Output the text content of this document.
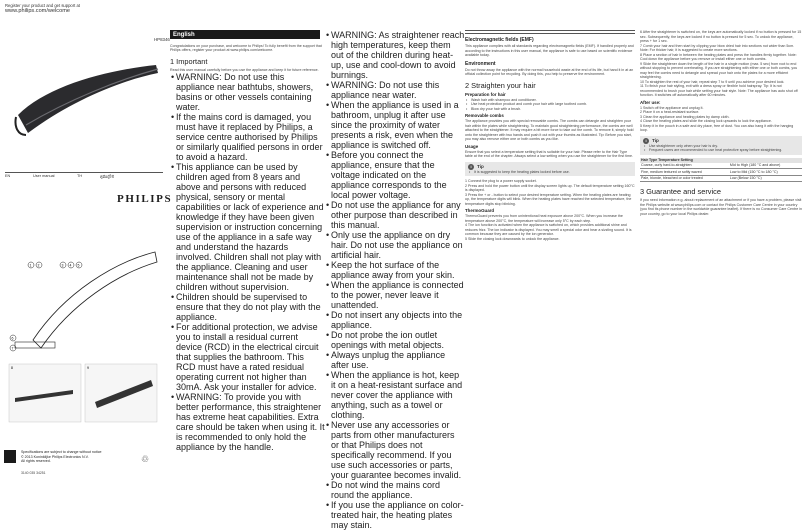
Register your product and get support at
www.philips.com/welcome
HP8346
EN	User manual	TH	คู่มือผู้ใช้
PHILIPS
1 2	3 4 5
6
7
8	9
Specifications are subject to change without notice
© 2013 Koninklijke Philips Electronics N.V.
All rights reserved.
3140 035 34251
♲
English

Congratulations on your purchase, and welcome to Philips! To fully benefit from the support that Philips offers, register your product at www.philips.com/welcome.

1 Important

Read this user manual carefully before you use the appliance and keep it for future reference.

• WARNING: Do not use this appliance near bathtubs, showers, basins or other vessels containing water.
• If the mains cord is damaged, you must have it replaced by Philips, a service centre authorised by Philips or similarly qualified persons in order to avoid a hazard.
• This appliance can be used by children aged from 8 years and above and persons with reduced physical, sensory or mental capabilities or lack of experience and knowledge if they have been given supervision or instruction concerning use of the appliance in a safe way and understand the hazards involved. Children shall not play with the appliance. Cleaning and user maintenance shall not be made by children without supervision.
• Children should be supervised to ensure that they do not play with the appliance.
• For additional protection, we advise you to install a residual current device (RCD) in the electrical circuit that supplies the bathroom. This RCD must have a rated residual operating current not higher than 30mA. Ask your installer for advice.
• WARNING: To provide you with better performance, this straightener has extreme heat capabilities. Extra care should be taken when using it. It is recommended to only hold the appliance by the handle.
• WARNING: As straightener reach high temperatures, keep them out of the children during heat-up, use and cool-down to avoid burnings.
• WARNING: Do not use this appliance near water.
• When the appliance is used in a bathroom, unplug it after use since the proximity of water presents a risk, even when the appliance is switched off.
• Before you connect the appliance, ensure that the voltage indicated on the appliance corresponds to the local power voltage.
• Do not use the appliance for any other purpose than described in this manual.
• Only use the appliance on dry hair. Do not use the appliance on artificial hair.
• Keep the hot surface of the appliance away from your skin.
• When the appliance is connected to the power, never leave it unattended.
• Do not insert any objects into the appliance.
• Do not probe the ion outlet openings with metal objects.
• Always unplug the appliance after use.
• When the appliance is hot, keep it on a heat-resistant surface and never cover the appliance with anything, such as a towel or clothing.
• Never use any accessories or parts from other manufacturers or that Philips does not specifically recommend. If you use such accessories or parts, your guarantee becomes invalid.
• Do not wind the mains cord round the appliance.
• If you use the appliance on color-treated hair, the heating plates may stain.
Electromagnetic fields (EMF)

This appliance complies with all standards regarding electromagnetic fields (EMF). If handled properly and according to the instructions in this user manual, the appliance is safe to use based on scientific evidence available today.

Environment

Do not throw away the appliance with the normal household waste at the end of its life, but hand it in at an official collection point for recycling. By doing this, you help to preserve the environment.

2 Straighten your hair
Preparation for hair
• Wash hair with shampoo and conditioner.
• Use heat protection product and comb your hair with large toothed comb.
• Blow dry your hair with a brush.
Removable combs

The appliance provides you with special removable combs. The combs can detangle and straighten your hair within the plates while straightening. To maintain good straightening performance, the combs are well attached to the straightener. It may require a bit more force to take out the comb. To remove it, simply hold onto the straightener with two hands and push it out with your thumbs as illustrated. Tip: Before you start, you may also remove either one or both combs as you like.

Usage

Ensure that you select a temperature setting that is suitable for your hair. Please refer to the Hair Type table at the end of the chapter. Always select a low setting when you use the straightener for the first time.

i	Tip
• It is suggested to keep the heating plates locked before use.

1 Connect the plug to a power supply socket.

2 Press and hold the power button until the display screen lights up. The default temperature setting 160°C is displayed.

3 Press the + or - button to select your desired temperature setting. When the heating plates are heating up, the temperature digits will blink. When the heating plates have reached the selected temperature, the temperature digits stop blinking.

ThermoGuard

ThermoGuard prevents you from unintentional heat exposure above 200°C. When you increase the temperature above 200°C, the temperature will increase only 5°C by each step.

4 The ion function is activated when the appliance is switched on, which provides additional shine and reduces frizz. The ion indicator is displayed. You may smell a special odor and hear a sizzling sound. It is common because they are caused by the ion generator.

5 Slide the closing lock downwards to unlock the appliance.

6 After the straightener is switched on, the keys are automatically locked if no button is pressed for 15 sec. Subsequently, the keys are locked if no button is pressed for 5 sec. To unlock the appliance, press + for 1 sec.

7 Comb your hair and then start by clipping your blow dried hair into sections not wider than 5cm.

Note: For thicker hair, it is suggested to create more sections.

8 Place a section of hair in between the heating plates and press the handles firmly together. Note: Cool down the appliance before you remove or install either one or both combs.

9 Slide the straightener down the length of the hair in a single motion (max. 5 sec) from root to end without stopping to prevent overheating. If you are straightening with either one or both combs, you may feel the combs need to detangle and spread your hair onto the plates for a more efficient straightening.

10 To straighten the rest of your hair, repeat step 7 to 9 until you achieve your desired look.

11 To finish your hair styling, exit with a dress spray or flexible hold hairspray. Tip: It is not recommended to brush your hair while setting your hair style. Note: The appliance has auto shut off function. It switches off automatically after 60 minutes.

After use:

1 Switch off the appliance and unplug it.

2 Place it on a heat-resistant surface.

3 Clean the appliance and heating plates by damp cloth.

4 Close the heating plates and slide the closing lock upwards to lock the appliance.

5 Keep it in the pouch in a safe and dry place, free of dust. You can also hang it with the hanging loop.

i	Tip
• Use straightener only when your hair is dry.
• Frequent users are recommended to use heat protective spray before straightening.
Hair Type Temperature Setting	
Coarse, curly hard-to-straighten	Mid to High (180 °C and above)
Fine, medium textured or softly waved	Low to Mid (150 °C to 180 °C)
Pale, blonde, bleached or color treated	Low (Below 150 °C)
3 Guarantee and service

If you need information e.g. about replacement of an attachment or if you have a problem, please visit the Philips website at www.philips.com or contact the Philips Customer Care Centre in your country (you find its phone number in the worldwide guarantee leaflet). If there is no Consumer Care Centre in your country, go to your local Philips dealer.
